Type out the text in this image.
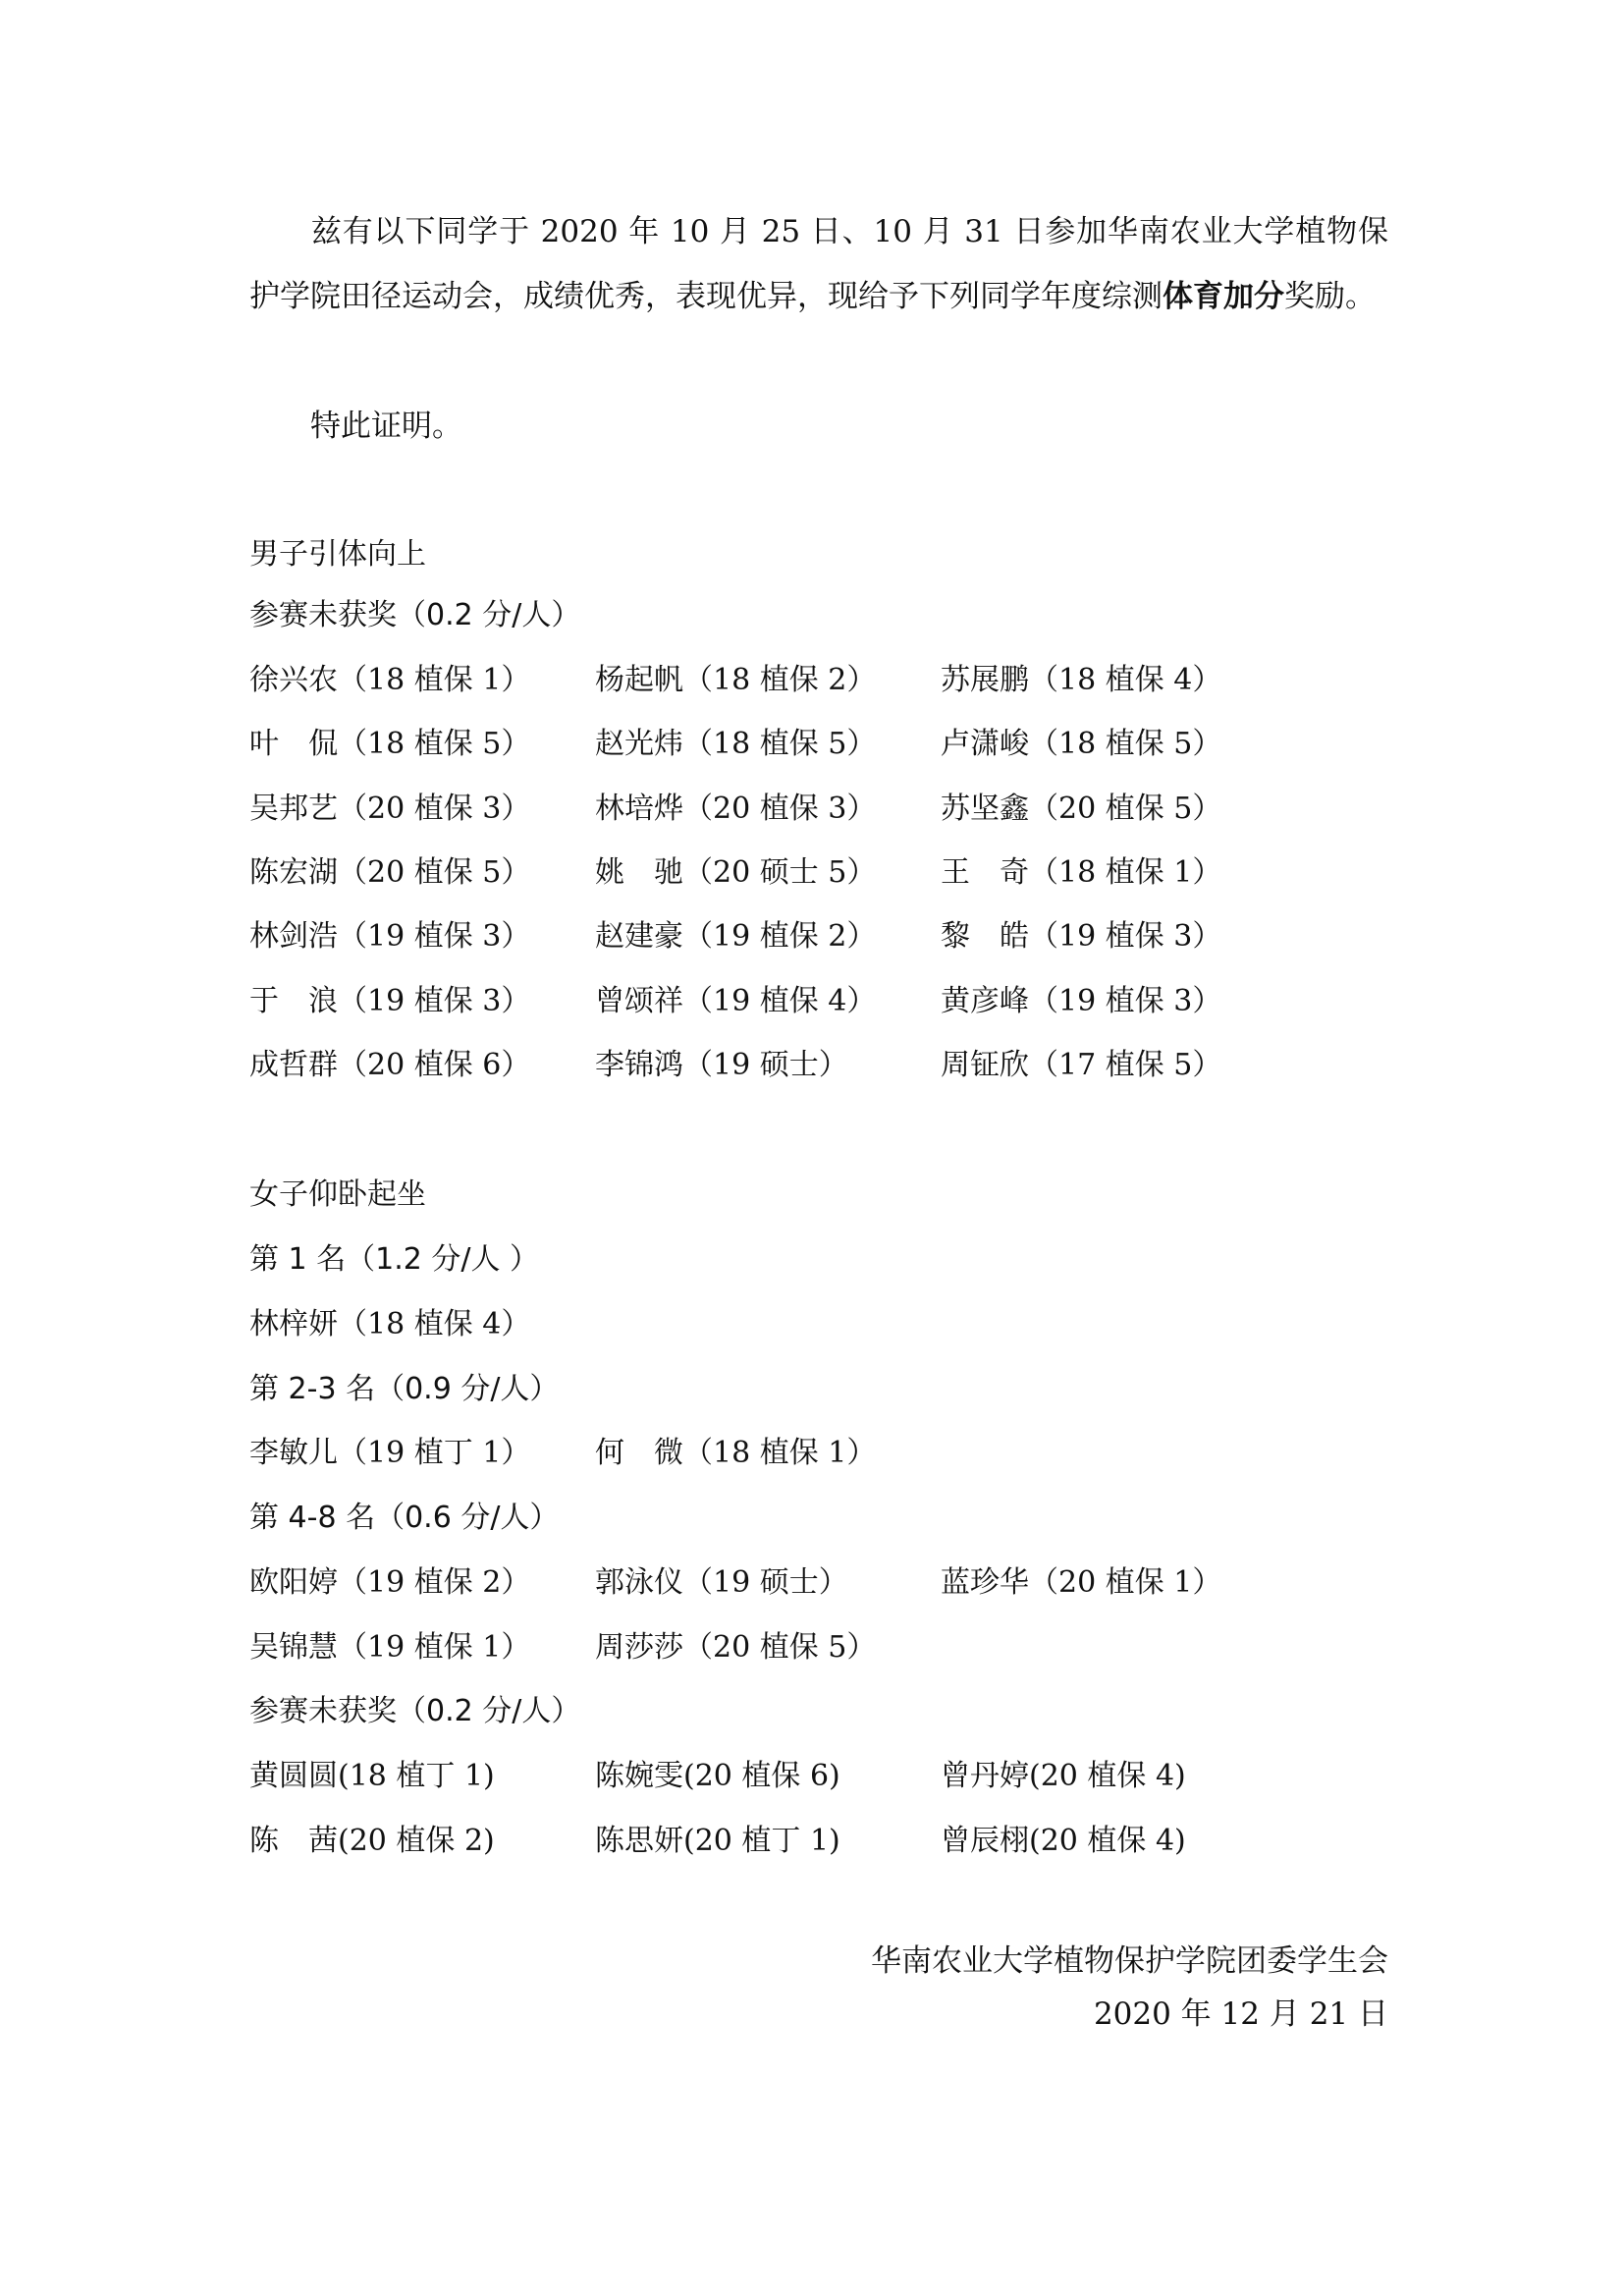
兹有以下同学于 2020 年 10 月 25 日、10 月 31 日参加华南农业大学植物保护学院田径运动会，成绩优秀，表现优异，现给予下列同学年度综测体育加分奖励。
特此证明。
男子引体向上
参赛未获奖（0.2 分/人）
徐兴农（18 植保 1） 杨起帆（18 植保 2） 苏展鹏（18 植保 4）
叶　侃（18 植保 5） 赵光炜（18 植保 5） 卢潇峻（18 植保 5）
吴邦艺（20 植保 3） 林培烨（20 植保 3） 苏坚鑫（20 植保 5）
陈宏湖（20 植保 5） 姚　驰（20 硕士 5） 王　奇（18 植保 1）
林剑浩（19 植保 3） 赵建豪（19 植保 2） 黎　皓（19 植保 3）
于　浪（19 植保 3） 曾颂祥（19 植保 4） 黄彦峰（19 植保 3）
成哲群（20 植保 6） 李锦鸿（19 硕士）	周钲欣（17 植保 5）
女子仰卧起坐
第 1 名（1.2 分/人 ）
林梓妍（18 植保 4）
第 2-3 名（0.9 分/人）
李敏儿（19 植丁 1） 何　微（18 植保 1）
第 4-8 名（0.6 分/人）
欧阳婷（19 植保 2） 郭泳仪（19 硕士）	蓝珍华（20 植保 1）
吴锦慧（19 植保 1） 周莎莎（20 植保 5）
参赛未获奖（0.2 分/人）
黄圆圆(18 植丁 1)	陈婉雯(20 植保 6)	曾丹婷(20 植保 4)
陈　茜(20 植保 2)	陈思妍(20 植丁 1)	曾辰栩(20 植保 4)
华南农业大学植物保护学院团委学生会
2020 年 12 月 21 日
